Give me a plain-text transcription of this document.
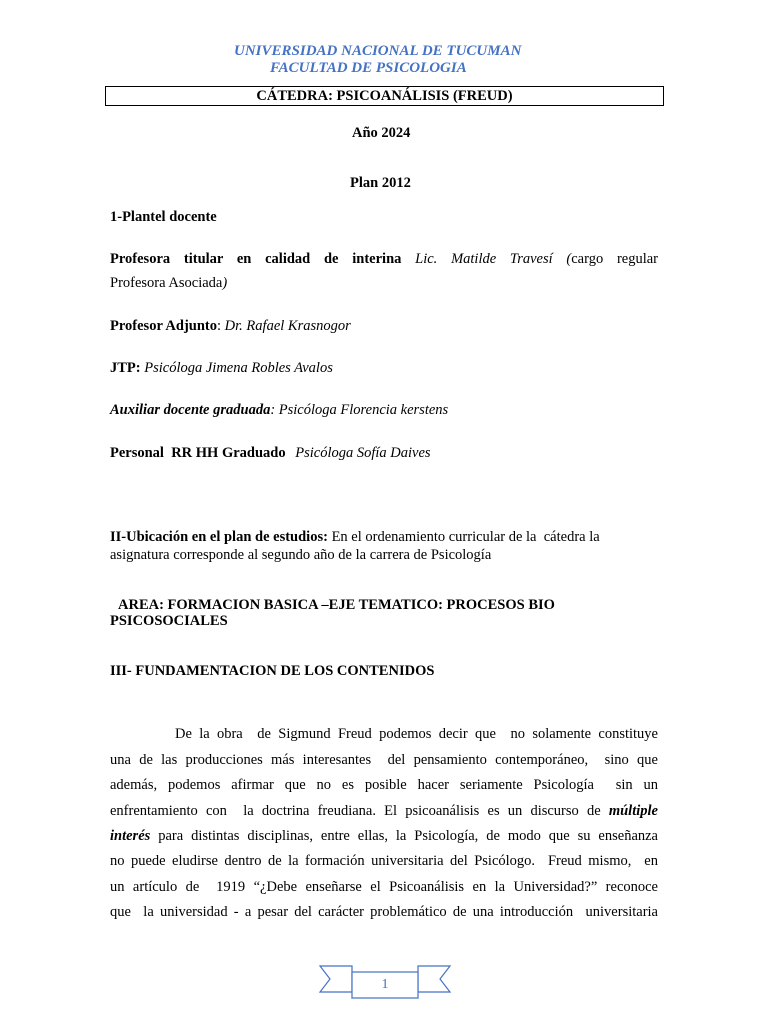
UNIVERSIDAD NACIONAL DE TUCUMAN
FACULTAD DE PSICOLOGIA
CÁTEDRA: PSICOANÁLISIS (FREUD)
Año 2024
Plan 2012
1-Plantel docente
Profesora titular en calidad de interina Lic. Matilde Travesí (cargo regular
Profesora Asociada)
Profesor Adjunto: Dr. Rafael Krasnogor
JTP: Psicóloga Jimena Robles Avalos
Auxiliar docente graduada: Psicóloga Florencia kerstens
Personal  RR HH Graduado Psicóloga Sofía Daives
II-Ubicación en el plan de estudios: En el ordenamiento curricular de la  cátedra la
asignatura corresponde al segundo año de la carrera de Psicología
AREA: FORMACION BASICA –EJE TEMATICO: PROCESOS BIO
PSICOSOCIALES
III- FUNDAMENTACION DE LOS CONTENIDOS
De la obra  de Sigmund Freud podemos decir que  no solamente constituye
una de las producciones más interesantes  del pensamiento contemporáneo,  sino que
además, podemos afirmar que no es posible hacer seriamente Psicología  sin un
enfrentamiento con  la doctrina freudiana. El psicoanálisis es un discurso de múltiple
interés para distintas disciplinas, entre ellas, la Psicología, de modo que su enseñanza
no puede eludirse dentro de la formación universitaria del Psicólogo.  Freud mismo,  en
un artículo de  1919 “¿Debe enseñarse el Psicoanálisis en la Universidad?” reconoce
que  la universidad - a pesar del carácter problemático de una introducción  universitaria
1
